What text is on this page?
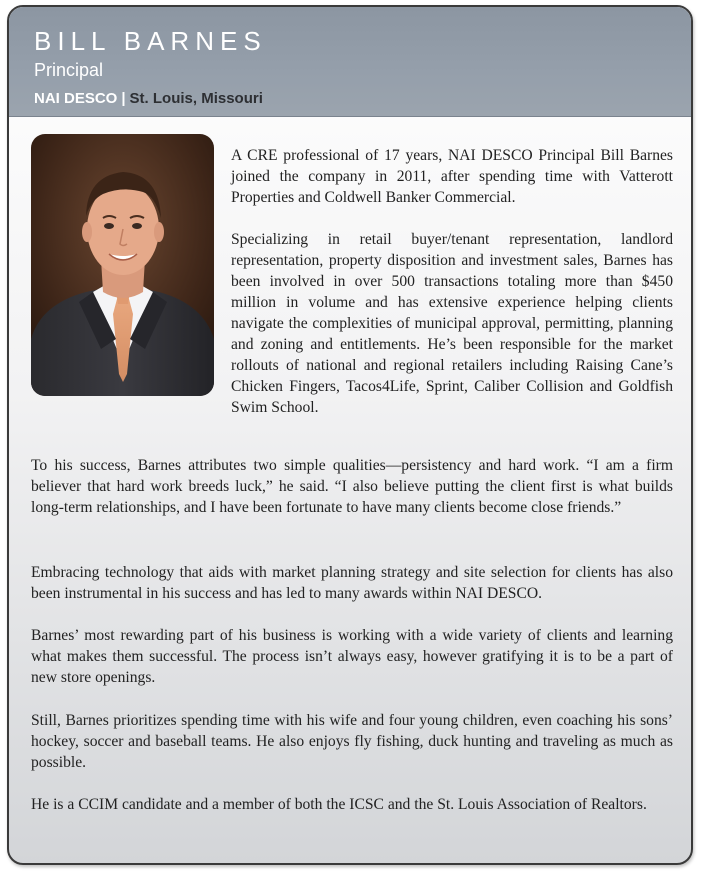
BILL BARNES
Principal
NAI DESCO | St. Louis, Missouri

A CRE professional of 17 years, NAI DESCO Principal Bill Barnes joined the company in 2011, after spending time with Vatterott Properties and Coldwell Banker Commercial.

Specializing in retail buyer/tenant representation, landlord representation, property disposition and investment sales, Barnes has been involved in over 500 transactions totaling more than $450 million in volume and has extensive experience helping clients navigate the complexities of municipal approval, permitting, planning and zoning and entitlements. He’s been responsible for the market rollouts of national and regional retailers including Raising Cane’s Chicken Fingers, Tacos4Life, Sprint, Caliber Collision and Goldfish Swim School.

To his success, Barnes attributes two simple qualities—persistency and hard work. “I am a firm believer that hard work breeds luck,” he said. “I also believe putting the client first is what builds long-term relationships, and I have been fortunate to have many clients become close friends.”

Embracing technology that aids with market planning strategy and site selection for clients has also been instrumental in his success and has led to many awards within NAI DESCO.

Barnes’ most rewarding part of his business is working with a wide variety of clients and learning what makes them successful. The process isn’t always easy, however gratifying it is to be a part of new store openings.

Still, Barnes prioritizes spending time with his wife and four young children, even coaching his sons’ hockey, soccer and baseball teams. He also enjoys fly fishing, duck hunting and traveling as much as possible.

He is a CCIM candidate and a member of both the ICSC and the St. Louis Association of Realtors.
